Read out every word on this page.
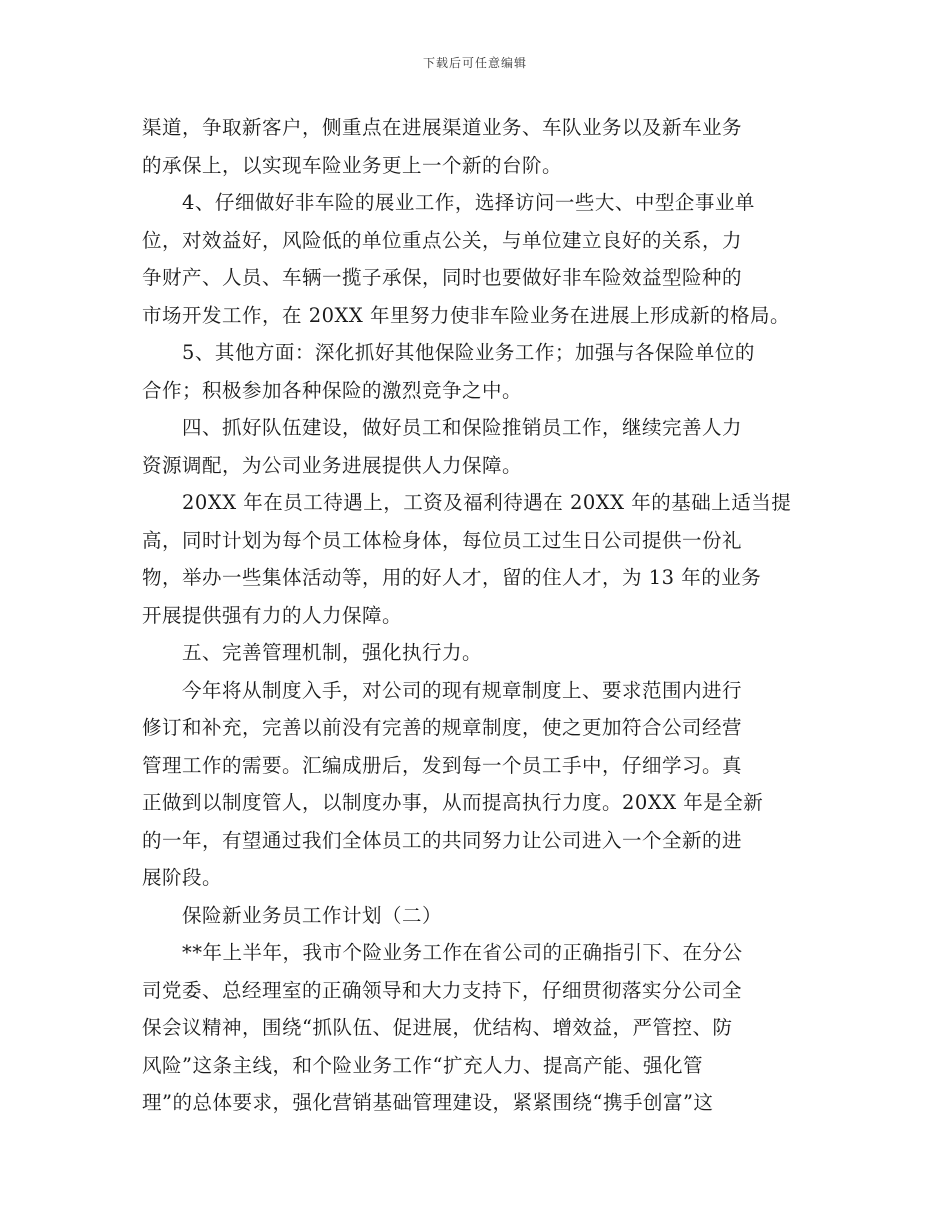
下载后可任意编辑
渠道，争取新客户，侧重点在进展渠道业务、车队业务以及新车业务
的承保上，以实现车险业务更上一个新的台阶。
　　4、仔细做好非车险的展业工作，选择访问一些大、中型企事业单
位，对效益好，风险低的单位重点公关，与单位建立良好的关系，力
争财产、人员、车辆一揽子承保，同时也要做好非车险效益型险种的
市场开发工作，在 20XX 年里努力使非车险业务在进展上形成新的格局。
　　5、其他方面：深化抓好其他保险业务工作；加强与各保险单位的
合作；积极参加各种保险的激烈竞争之中。
　　四、抓好队伍建设，做好员工和保险推销员工作，继续完善人力
资源调配，为公司业务进展提供人力保障。
　　20XX 年在员工待遇上，工资及福利待遇在 20XX 年的基础上适当提
高，同时计划为每个员工体检身体，每位员工过生日公司提供一份礼
物，举办一些集体活动等，用的好人才，留的住人才，为 13 年的业务
开展提供强有力的人力保障。
　　五、完善管理机制，强化执行力。
　　今年将从制度入手，对公司的现有规章制度上、要求范围内进行
修订和补充，完善以前没有完善的规章制度，使之更加符合公司经营
管理工作的需要。汇编成册后，发到每一个员工手中，仔细学习。真
正做到以制度管人，以制度办事，从而提高执行力度。20XX 年是全新
的一年，有望通过我们全体员工的共同努力让公司进入一个全新的进
展阶段。
　　保险新业务员工作计划（二）
　　**年上半年，我市个险业务工作在省公司的正确指引下、在分公
司党委、总经理室的正确领导和大力支持下，仔细贯彻落实分公司全
保会议精神，围绕“抓队伍、促进展，优结构、增效益，严管控、防
风险”这条主线，和个险业务工作“扩充人力、提高产能、强化管
理”的总体要求，强化营销基础管理建设，紧紧围绕“携手创富”这
